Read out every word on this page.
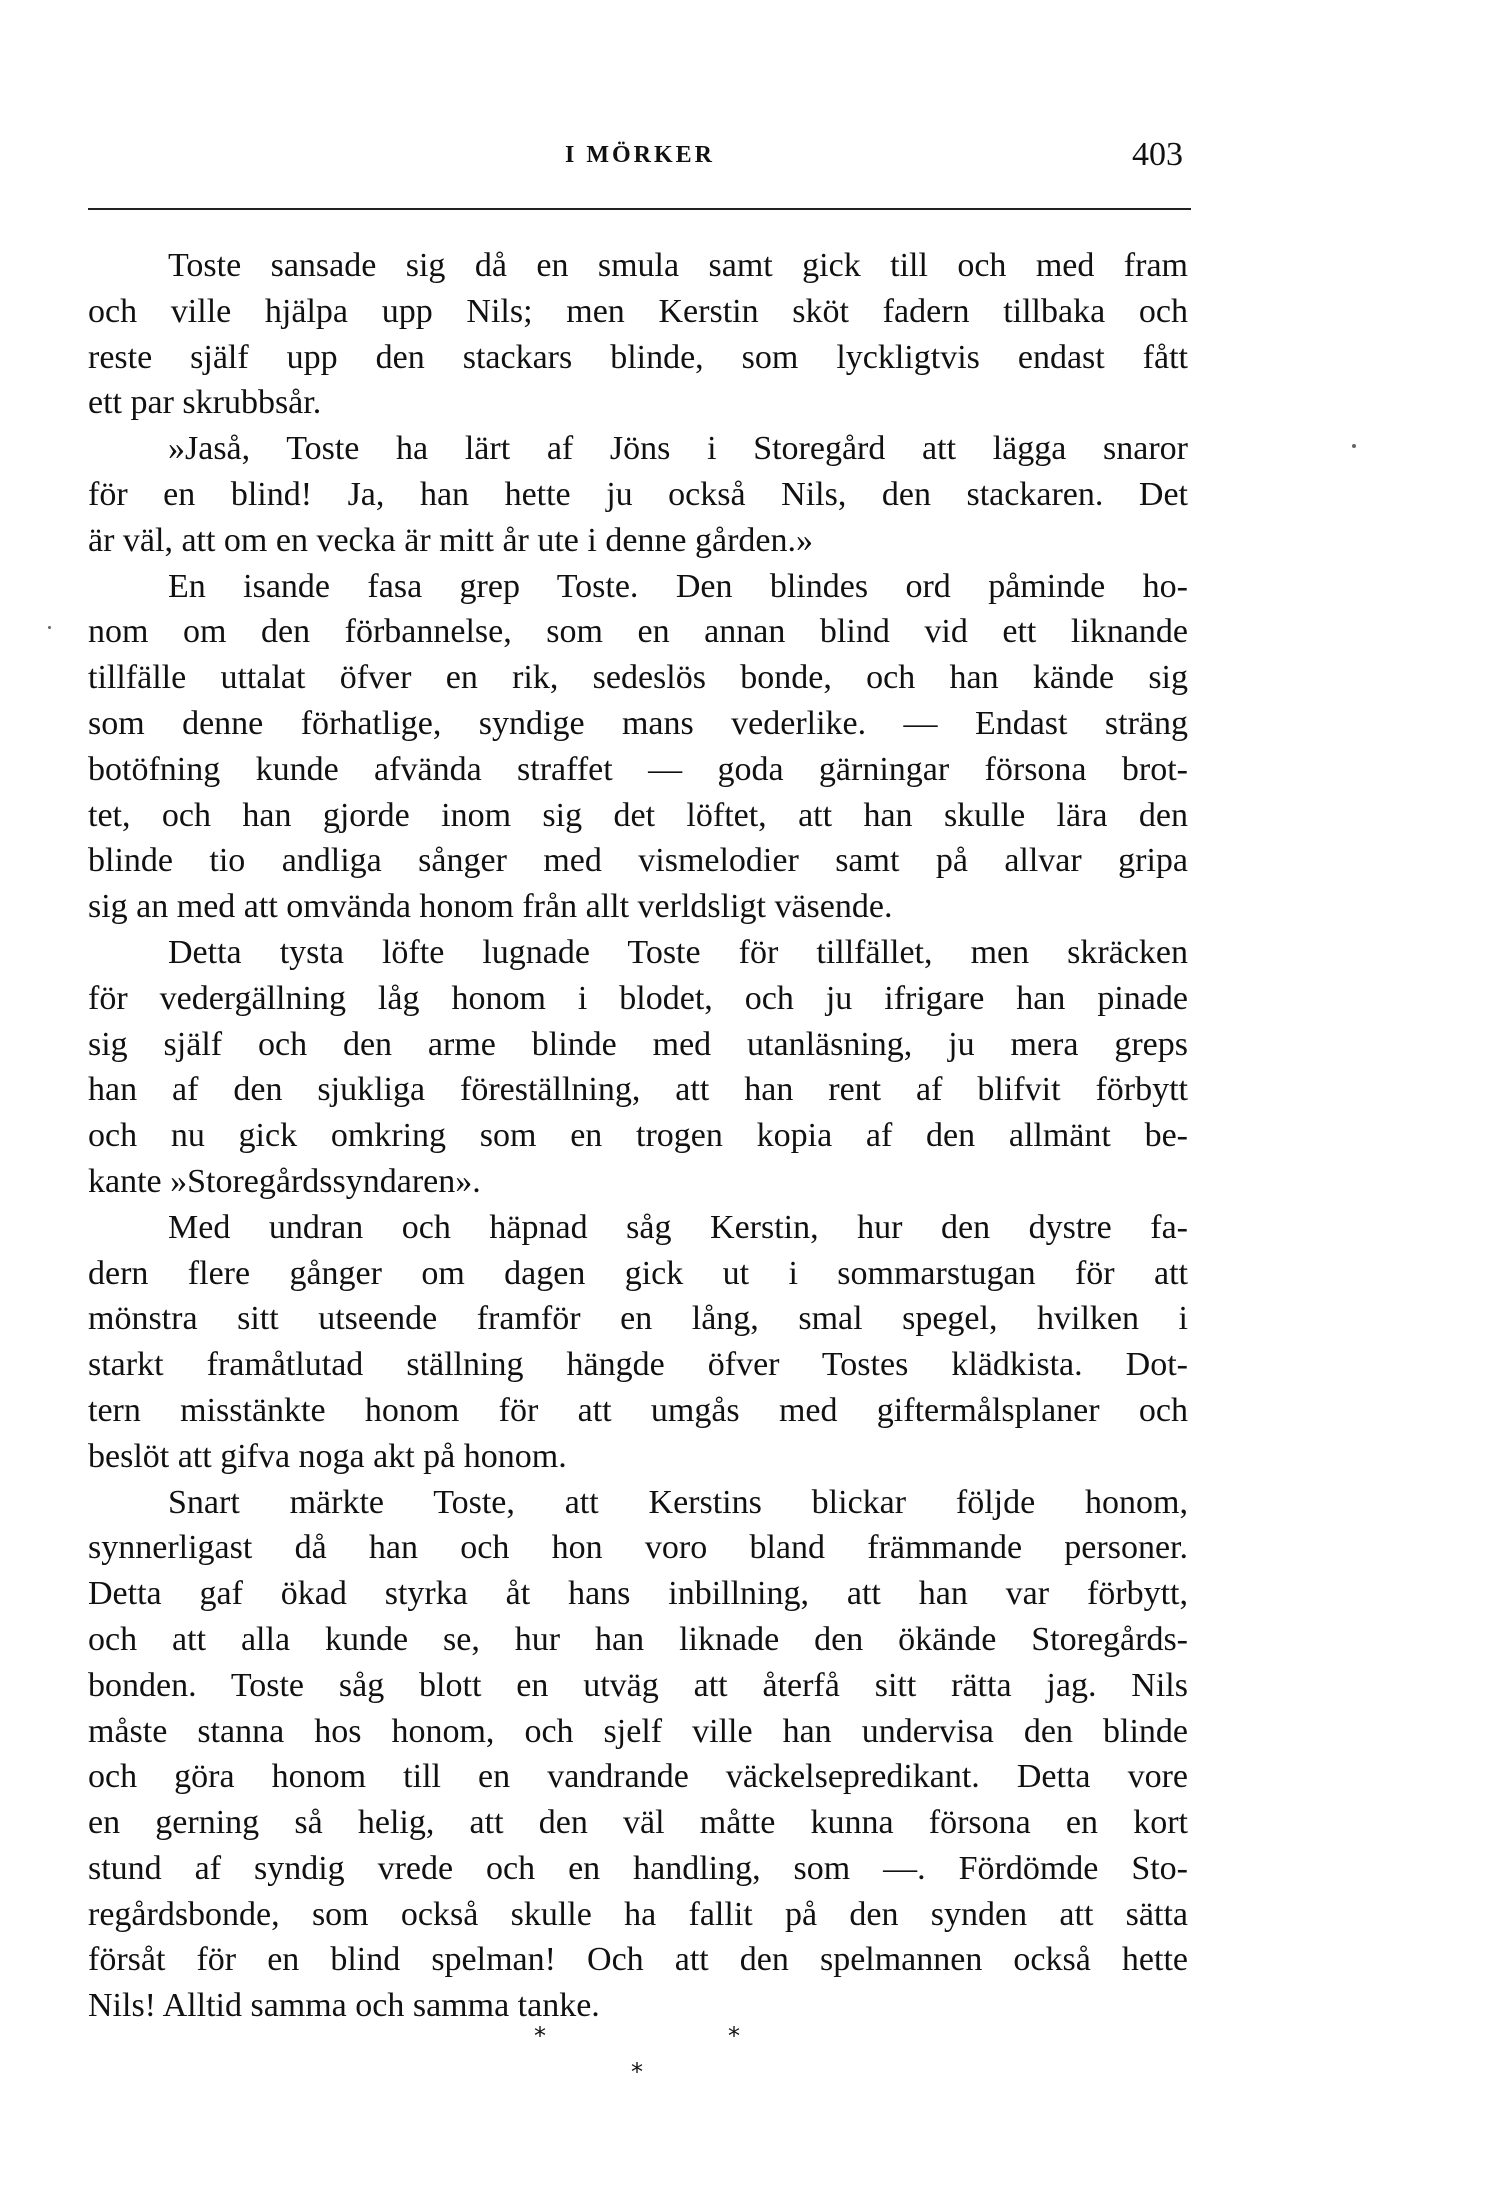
I MÖRKER	403
Toste sansade sig då en smula samt gick till och med fram
och ville hjälpa upp Nils; men Kerstin sköt fadern tillbaka och
reste själf upp den stackars blinde, som lyckligtvis endast fått
ett par skrubbsår.
»Jaså, Toste ha lärt af Jöns i Storegård att lägga snaror
för en blind! Ja, han hette ju också Nils, den stackaren. Det
är väl, att om en vecka är mitt år ute i denne gården.»
En isande fasa grep Toste. Den blindes ord påminde ho-
nom om den förbannelse, som en annan blind vid ett liknande
tillfälle uttalat öfver en rik, sedeslös bonde, och han kände sig
som denne förhatlige, syndige mans vederlike. — Endast sträng
botöfning kunde afvända straffet — goda gärningar försona brot-
tet, och han gjorde inom sig det löftet, att han skulle lära den
blinde tio andliga sånger med vismelodier samt på allvar gripa
sig an med att omvända honom från allt verldsligt väsende.
Detta tysta löfte lugnade Toste för tillfället, men skräcken
för vedergällning låg honom i blodet, och ju ifrigare han pinade
sig själf och den arme blinde med utanläsning, ju mera greps
han af den sjukliga föreställning, att han rent af blifvit förbytt
och nu gick omkring som en trogen kopia af den allmänt be-
kante »Storegårdssyndaren».
Med undran och häpnad såg Kerstin, hur den dystre fa-
dern flere gånger om dagen gick ut i sommarstugan för att
mönstra sitt utseende framför en lång, smal spegel, hvilken i
starkt framåtlutad ställning hängde öfver Tostes klädkista. Dot-
tern misstänkte honom för att umgås med giftermålsplaner och
beslöt att gifva noga akt på honom.
Snart märkte Toste, att Kerstins blickar följde honom,
synnerligast då han och hon voro bland främmande personer.
Detta gaf ökad styrka åt hans inbillning, att han var förbytt,
och att alla kunde se, hur han liknade den ökände Storegårds-
bonden. Toste såg blott en utväg att återfå sitt rätta jag. Nils
måste stanna hos honom, och sjelf ville han undervisa den blinde
och göra honom till en vandrande väckelsepredikant. Detta vore
en gerning så helig, att den väl måtte kunna försona en kort
stund af syndig vrede och en handling, som —. Fördömde Sto-
regårdsbonde, som också skulle ha fallit på den synden att sätta
försåt för en blind spelman! Och att den spelmannen också hette
Nils! Alltid samma och samma tanke.
*	*
*
